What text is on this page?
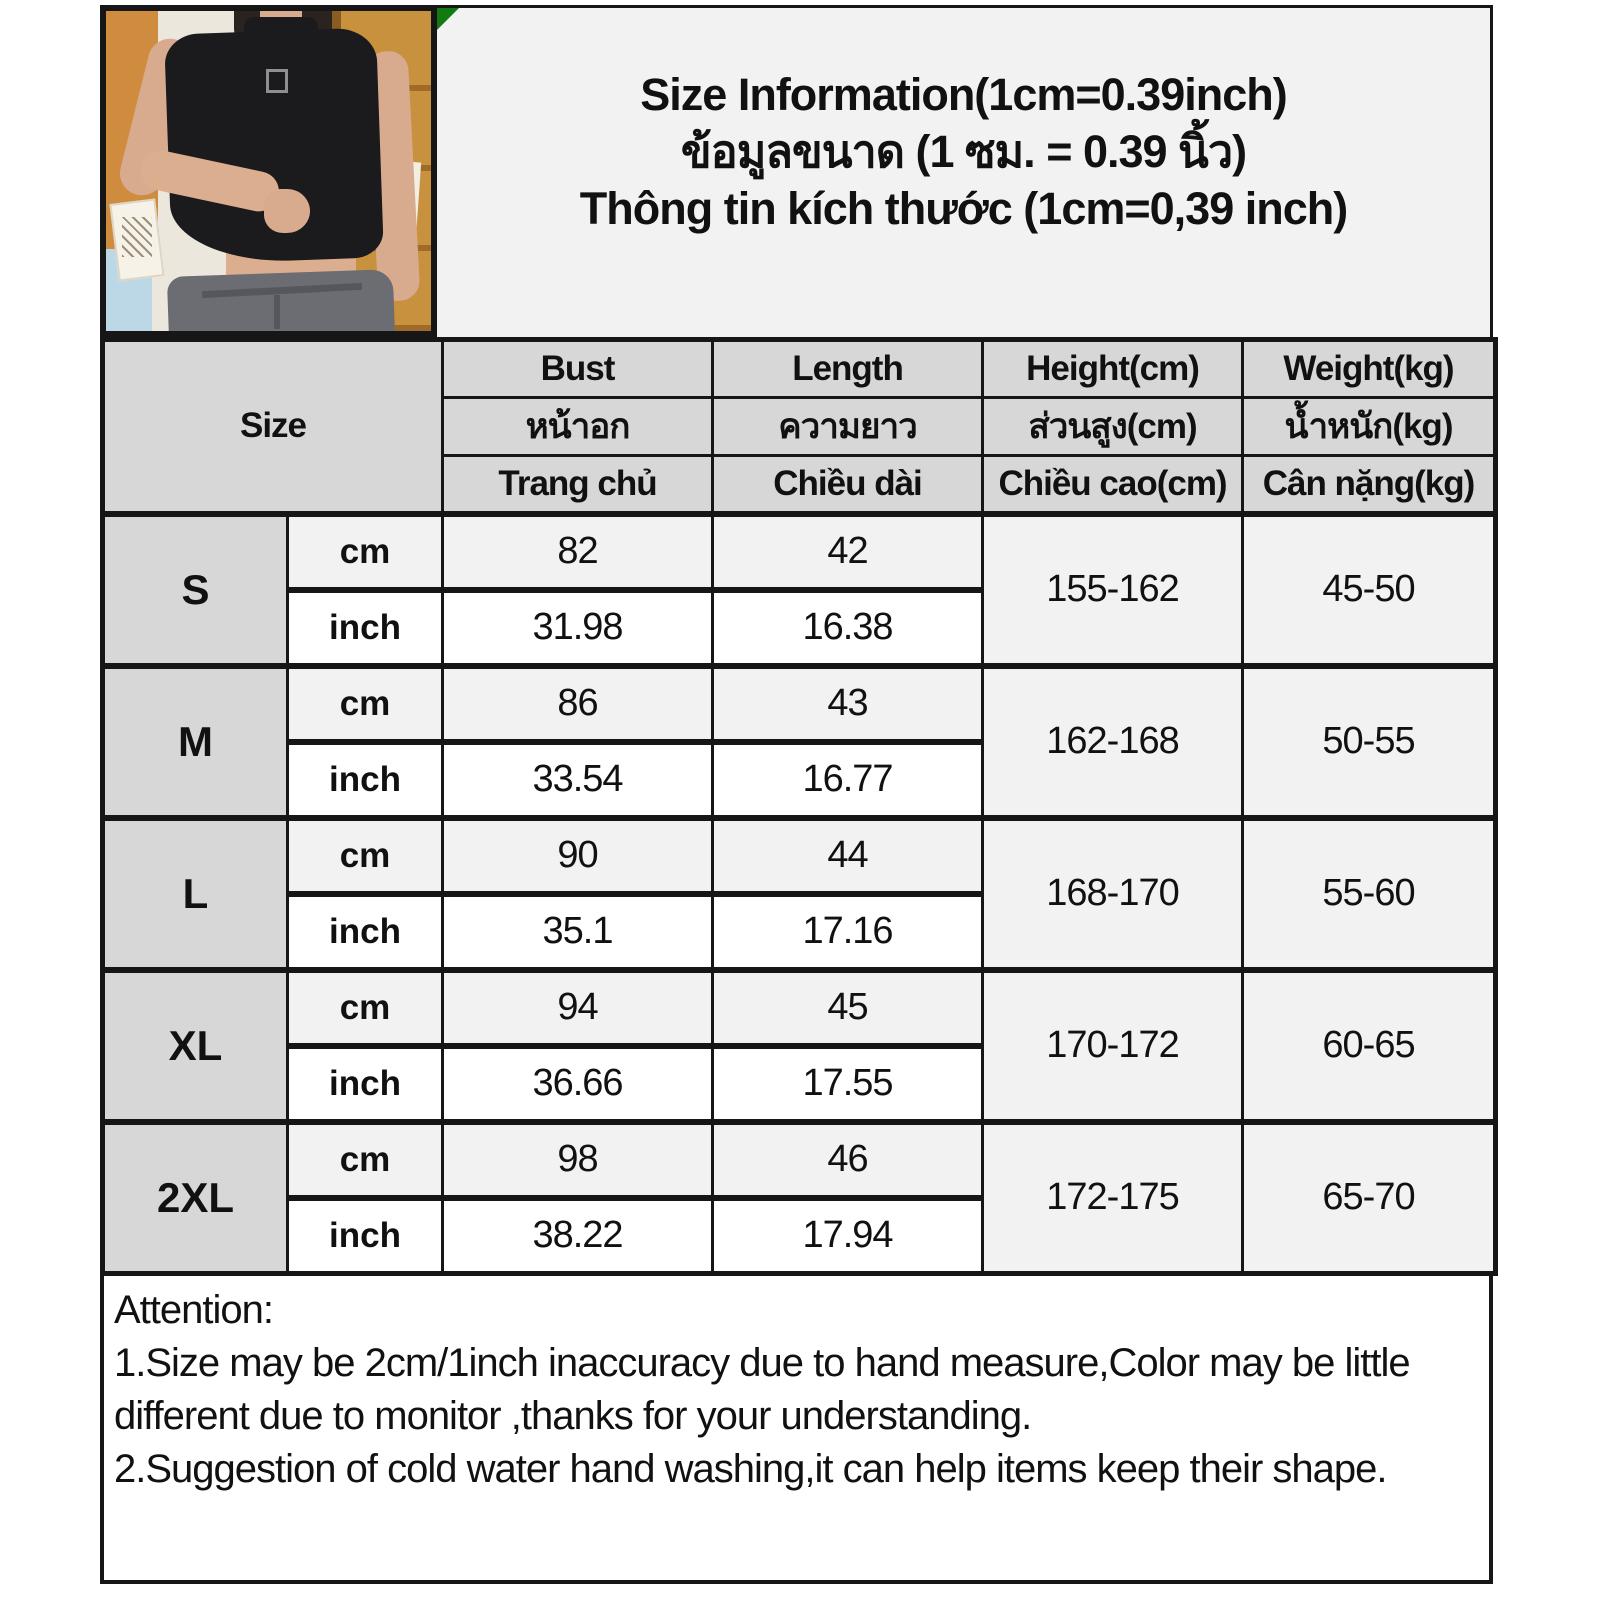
Size Information(1cm=0.39inch)
ข้อมูลขนาด (1 ซม. = 0.39 นิ้ว)
Thông tin kích thước (1cm=0,39 inch)
Size		Bust	Length	Height(cm)	Weight(kg)
		หน้าอก	ความยาว	ส่วนสูง(cm)	น้ำหนัก(kg)
		Trang chủ	Chiều dài	Chiều cao(cm)	Cân nặng(kg)
S	cm	82	42	155-162	45-50
	inch	31.98	16.38		
M	cm	86	43	162-168	50-55
	inch	33.54	16.77		
L	cm	90	44	168-170	55-60
	inch	35.1	17.16		
XL	cm	94	45	170-172	60-65
	inch	36.66	17.55		
2XL	cm	98	46	172-175	65-70
	inch	38.22	17.94		
Attention:
1.Size may be 2cm/1inch inaccuracy due to hand measure,Color may be little different due to monitor ,thanks for your understanding.
2.Suggestion of cold water hand washing,it can help items keep their shape.
